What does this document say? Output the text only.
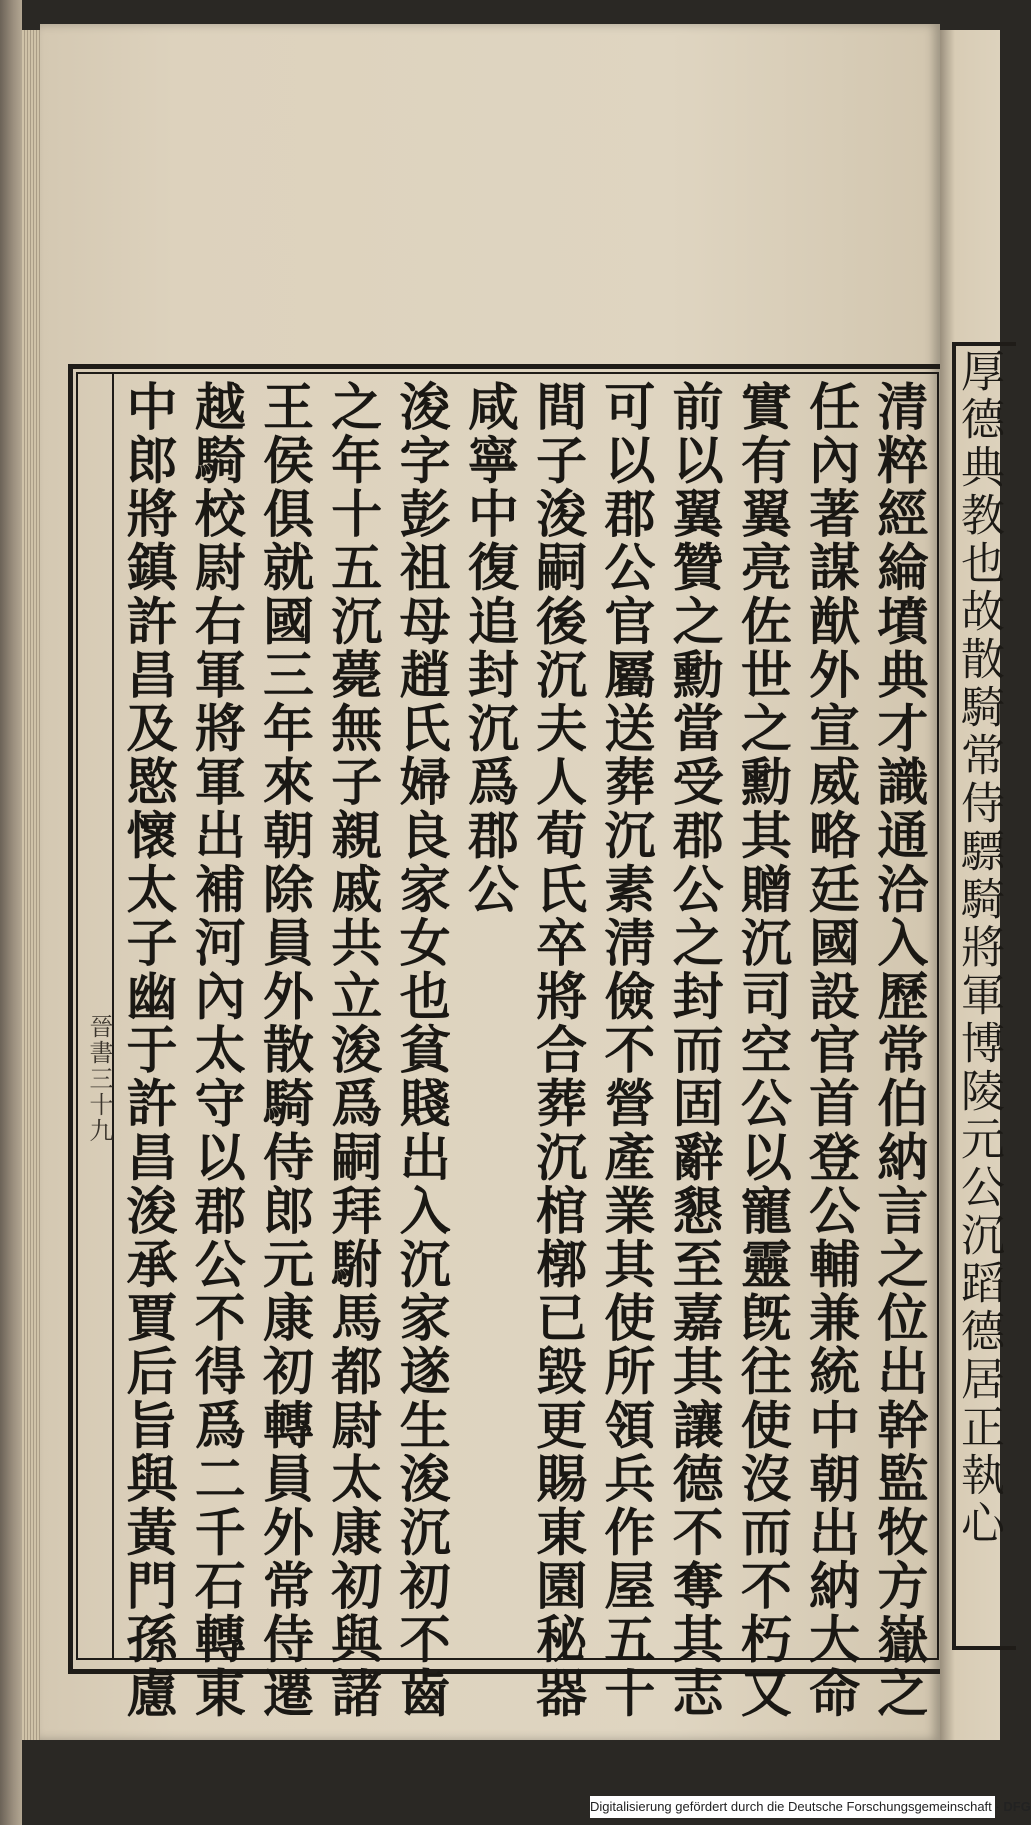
晉書三十九	清粹經綸墳典才識通洽入歷常伯納言之位出幹監牧方嶽之
任內著謀猷外宣威略廷國設官首登公輔兼統中朝出納大命
實有翼亮佐世之勳其贈沉司空公以寵靈旣往使沒而不朽又
前以翼贊之勳當受郡公之封而固辭懇至嘉其讓德不奪其志
可以郡公官屬送葬沉素淸儉不營產業其使所領兵作屋五十
間子浚嗣後沉夫人荀氏卒將合葬沉棺槨已毀更賜東園秘器
咸寧中復追封沉爲郡公
浚字彭祖母趙氏婦良家女也貧賤出入沉家遂生浚沉初不齒
之年十五沉薨無子親戚共立浚爲嗣拜駙馬都尉太康初與諸
王侯俱就國三年來朝除員外散騎侍郎元康初轉員外常侍遷
越騎校尉右軍將軍出補河內太守以郡公不得爲二千石轉東
中郎將鎮許昌及愍懷太子幽于許昌浚承賈后旨與黃門孫慮	厚德典教也故散騎常侍驃騎將軍博陵元公沉蹈德居正執心
Digitalisierung gefördert durch die Deutsche Forschungsgemeinschaft · DFG
